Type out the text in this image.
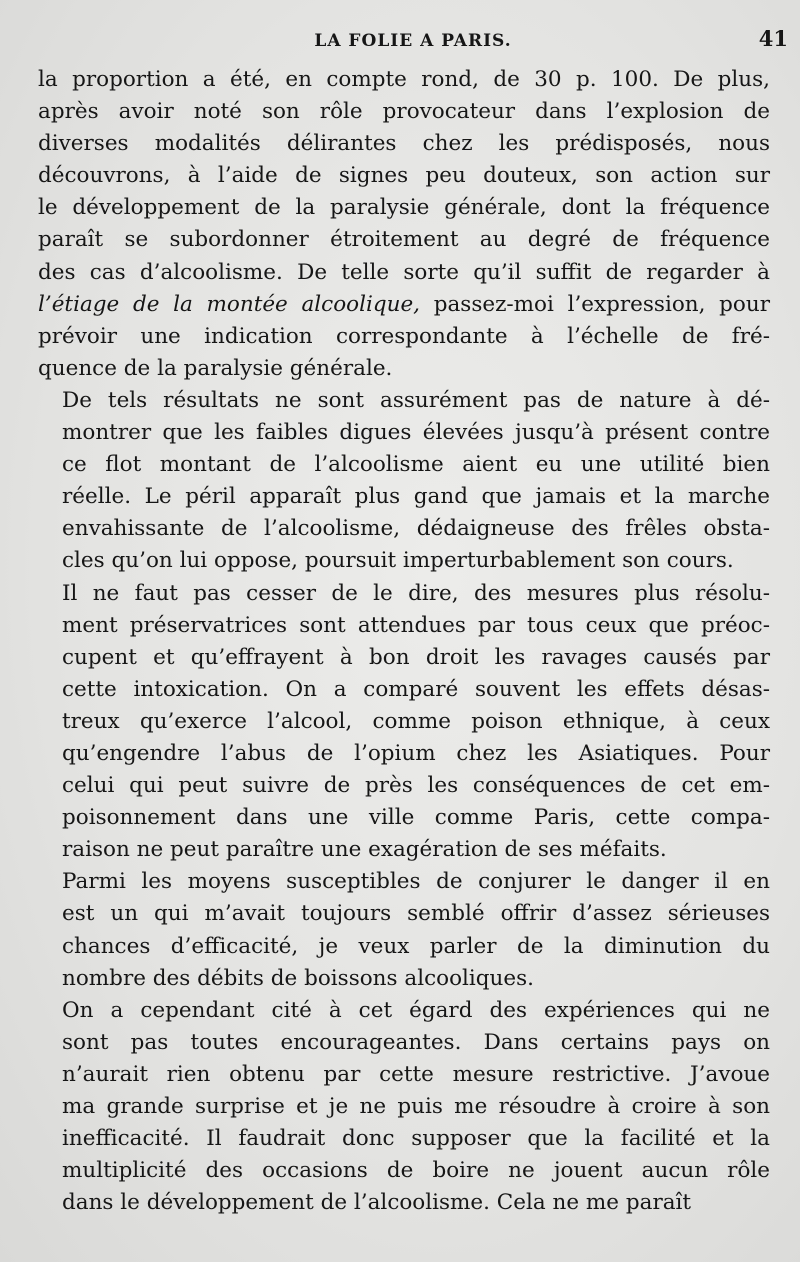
LA FOLIE A PARIS.	41
la proportion a été, en compte rond, de 30 p. 100. De plus,
après avoir noté son rôle provocateur dans l’explosion de
diverses modalités délirantes chez les prédisposés, nous
découvrons, à l’aide de signes peu douteux, son action sur
le développement de la paralysie générale, dont la fréquence
paraît se subordonner étroitement au degré de fréquence
des cas d’alcoolisme. De telle sorte qu’il suffit de regarder à
l’étiage de la montée alcoolique, passez-moi l’expression, pour
prévoir une indication correspondante à l’échelle de fré-
quence de la paralysie générale.
De tels résultats ne sont assurément pas de nature à dé-
montrer que les faibles digues élevées jusqu’à présent contre
ce flot montant de l’alcoolisme aient eu une utilité bien
réelle. Le péril apparaît plus gand que jamais et la marche
envahissante de l’alcoolisme, dédaigneuse des frêles obsta-
cles qu’on lui oppose, poursuit imperturbablement son cours.
Il ne faut pas cesser de le dire, des mesures plus résolu-
ment préservatrices sont attendues par tous ceux que préoc-
cupent et qu’effrayent à bon droit les ravages causés par
cette intoxication. On a comparé souvent les effets désas-
treux qu’exerce l’alcool, comme poison ethnique, à ceux
qu’engendre l’abus de l’opium chez les Asiatiques. Pour
celui qui peut suivre de près les conséquences de cet em-
poisonnement dans une ville comme Paris, cette compa-
raison ne peut paraître une exagération de ses méfaits.
Parmi les moyens susceptibles de conjurer le danger il en
est un qui m’avait toujours semblé offrir d’assez sérieuses
chances d’efficacité, je veux parler de la diminution du
nombre des débits de boissons alcooliques.
On a cependant cité à cet égard des expériences qui ne
sont pas toutes encourageantes. Dans certains pays on
n’aurait rien obtenu par cette mesure restrictive. J’avoue
ma grande surprise et je ne puis me résoudre à croire à son
inefficacité. Il faudrait donc supposer que la facilité et la
multiplicité des occasions de boire ne jouent aucun rôle
dans le développement de l’alcoolisme. Cela ne me paraît
